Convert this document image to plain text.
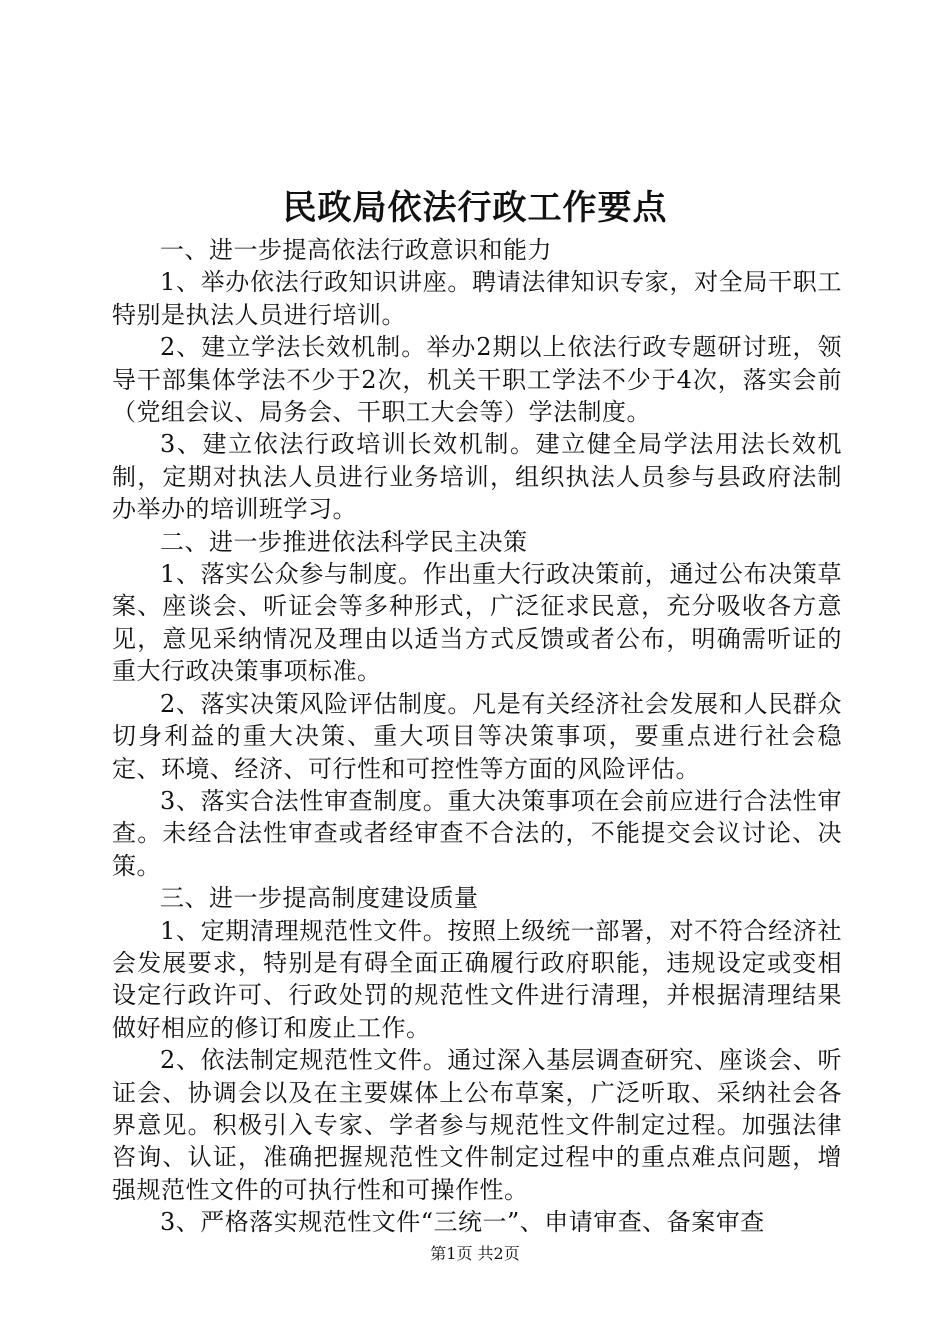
民政局依法行政工作要点

一、进一步提高依法行政意识和能力

1、举办依法行政知识讲座。聘请法律知识专家，对全局干职工特别是执法人员进行培训。

2、建立学法长效机制。举办2期以上依法行政专题研讨班，领导干部集体学法不少于2次，机关干职工学法不少于4次，落实会前（党组会议、局务会、干职工大会等）学法制度。

3、建立依法行政培训长效机制。建立健全局学法用法长效机制，定期对执法人员进行业务培训，组织执法人员参与县政府法制办举办的培训班学习。

二、进一步推进依法科学民主决策

1、落实公众参与制度。作出重大行政决策前，通过公布决策草案、座谈会、听证会等多种形式，广泛征求民意，充分吸收各方意见，意见采纳情况及理由以适当方式反馈或者公布，明确需听证的重大行政决策事项标准。

2、落实决策风险评估制度。凡是有关经济社会发展和人民群众切身利益的重大决策、重大项目等决策事项，要重点进行社会稳定、环境、经济、可行性和可控性等方面的风险评估。

3、落实合法性审查制度。重大决策事项在会前应进行合法性审查。未经合法性审查或者经审查不合法的，不能提交会议讨论、决策。

三、进一步提高制度建设质量

1、定期清理规范性文件。按照上级统一部署，对不符合经济社会发展要求，特别是有碍全面正确履行政府职能，违规设定或变相设定行政许可、行政处罚的规范性文件进行清理，并根据清理结果做好相应的修订和废止工作。

2、依法制定规范性文件。通过深入基层调查研究、座谈会、听证会、协调会以及在主要媒体上公布草案，广泛听取、采纳社会各界意见。积极引入专家、学者参与规范性文件制定过程。加强法律咨询、认证，准确把握规范性文件制定过程中的重点难点问题，增强规范性文件的可执行性和可操作性。

3、严格落实规范性文件“三统一”、申请审查、备案审查

第1页 共2页
